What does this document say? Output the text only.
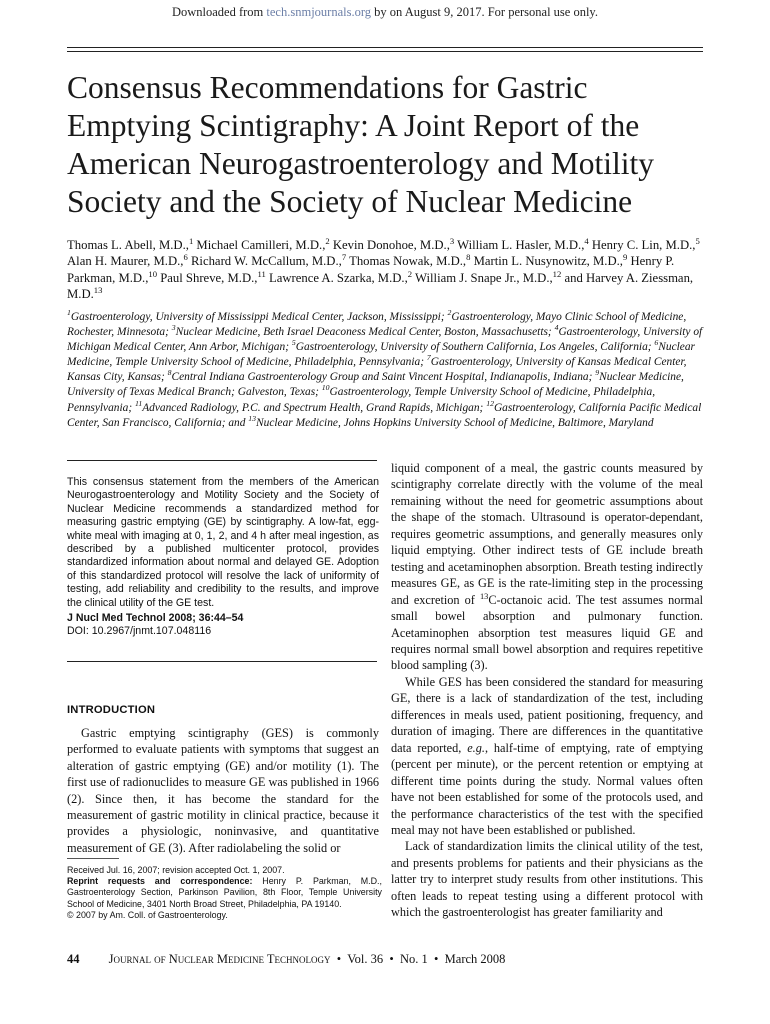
Downloaded from tech.snmjournals.org by on August 9, 2017. For personal use only.
Consensus Recommendations for Gastric Emptying Scintigraphy: A Joint Report of the American Neurogastroenterology and Motility Society and the Society of Nuclear Medicine

Thomas L. Abell, M.D.,$^1$ Michael Camilleri, M.D.,$^2$ Kevin Donohoe, M.D.,$^3$ William L. Hasler, M.D.,$^4$ Henry C. Lin, M.D.,$^5$ Alan H. Maurer, M.D.,$^6$ Richard W. McCallum, M.D.,$^7$ Thomas Nowak, M.D.,$^8$ Martin L. Nusynowitz, M.D.,$^9$ Henry P. Parkman, M.D.,$^{10}$ Paul Shreve, M.D.,$^{11}$ Lawrence A. Szarka, M.D.,$^2$ William J. Snape Jr., M.D.,$^{12}$ and Harvey A. Ziessman, M.D.$^{13}$

$^1$Gastroenterology, University of Mississippi Medical Center, Jackson, Mississippi; $^2$Gastroenterology, Mayo Clinic School of Medicine, Rochester, Minnesota; $^3$Nuclear Medicine, Beth Israel Deaconess Medical Center, Boston, Massachusetts; $^4$Gastroenterology, University of Michigan Medical Center, Ann Arbor, Michigan; $^5$Gastroenterology, University of Southern California, Los Angeles, California; $^6$Nuclear Medicine, Temple University School of Medicine, Philadelphia, Pennsylvania; $^7$Gastroenterology, University of Kansas Medical Center, Kansas City, Kansas; $^8$Central Indiana Gastroenterology Group and Saint Vincent Hospital, Indianapolis, Indiana; $^9$Nuclear Medicine, University of Texas Medical Branch; Galveston, Texas; $^{10}$Gastroenterology, Temple University School of Medicine, Philadelphia, Pennsylvania; $^{11}$Advanced Radiology, P.C. and Spectrum Health, Grand Rapids, Michigan; $^{12}$Gastroenterology, California Pacific Medical Center, San Francisco, California; and $^{13}$Nuclear Medicine, Johns Hopkins University School of Medicine, Baltimore, Maryland

This consensus statement from the members of the American Neurogastroenterology and Motility Society and the Society of Nuclear Medicine recommends a standardized method for measuring gastric emptying (GE) by scintigraphy. A low-fat, egg-white meal with imaging at 0, 1, 2, and 4 h after meal ingestion, as described by a published multicenter protocol, provides standardized information about normal and delayed GE. Adoption of this standardized protocol will resolve the lack of uniformity of testing, add reliability and credibility to the results, and improve the clinical utility of the GE test.

J Nucl Med Technol 2008; 36:44–54

DOI: 10.2967/jnmt.107.048116

INTRODUCTION

Gastric emptying scintigraphy (GES) is commonly performed to evaluate patients with symptoms that suggest an alteration of gastric emptying (GE) and/or motility (1). The first use of radionuclides to measure GE was published in 1966 (2). Since then, it has become the standard for the measurement of gastric motility in clinical practice, because it provides a physiologic, noninvasive, and quantitative measurement of GE (3). After radiolabeling the solid or

Received Jul. 16, 2007; revision accepted Oct. 1, 2007.

Reprint requests and correspondence: Henry P. Parkman, M.D., Gastroenterology Section, Parkinson Pavilion, 8th Floor, Temple University School of Medicine, 3401 North Broad Street, Philadelphia, PA 19140.

© 2007 by Am. Coll. of Gastroenterology.

liquid component of a meal, the gastric counts measured by scintigraphy correlate directly with the volume of the meal remaining without the need for geometric assumptions about the shape of the stomach. Ultrasound is operator-dependant, requires geometric assumptions, and generally measures only liquid emptying. Other indirect tests of GE include breath testing and acetaminophen absorption. Breath testing indirectly measures GE, as GE is the rate-limiting step in the processing and excretion of $^{13}$C-octanoic acid. The test assumes normal small bowel absorption and pulmonary function. Acetaminophen absorption test measures liquid GE and requires normal small bowel absorption and requires repetitive blood sampling (3).

While GES has been considered the standard for measuring GE, there is a lack of standardization of the test, including differences in meals used, patient positioning, frequency, and duration of imaging. There are differences in the quantitative data reported, e.g., half-time of emptying, rate of emptying (percent per minute), or the percent retention or emptying at different time points during the study. Normal values often have not been established for some of the protocols used, and the performance characteristics of the test with the specified meal may not have been established or published.

Lack of standardization limits the clinical utility of the test, and presents problems for patients and their physicians as the latter try to interpret study results from other institutions. This often leads to repeat testing using a different protocol with which the gastroenterologist has greater familiarity and

44 Journal of Nuclear Medicine Technology • Vol. 36 • No. 1 • March 2008
